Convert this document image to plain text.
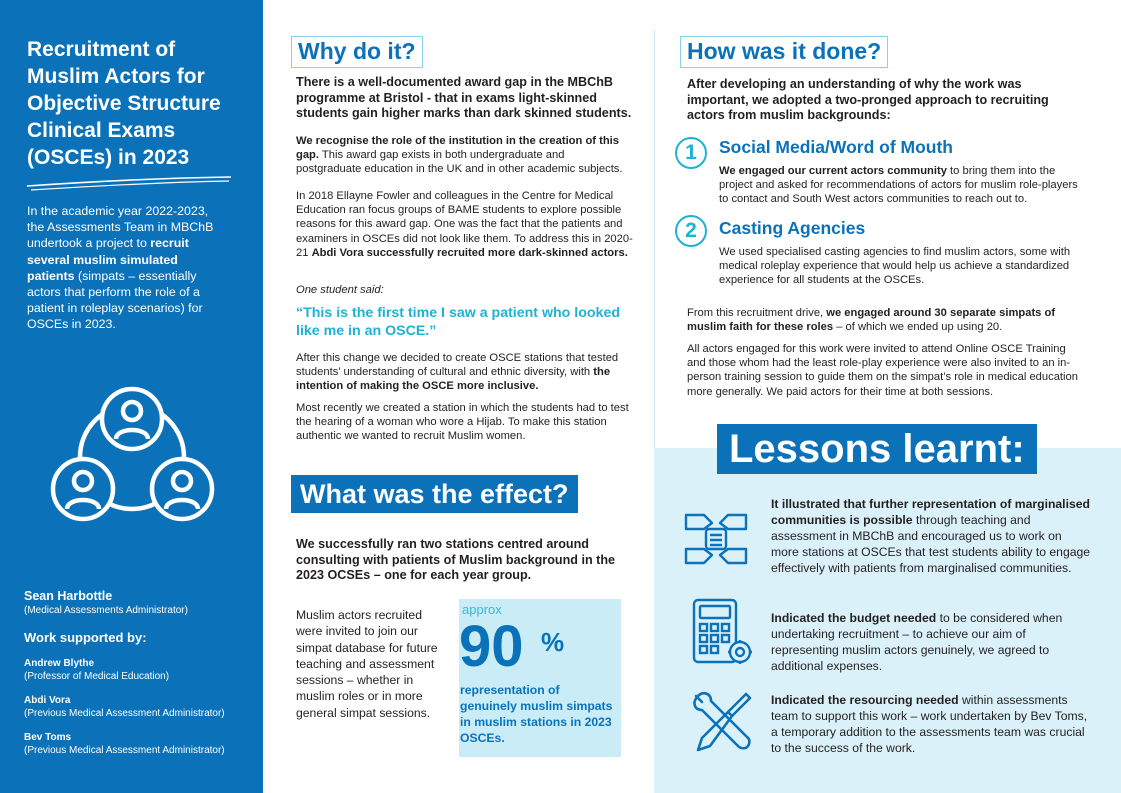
Recruitment of Muslim Actors for Objective Structure Clinical Exams (OSCEs) in 2023
In the academic year 2022-2023, the Assessments Team in MBChB undertook a project to recruit several muslim simulated patients (simpats – essentially actors that perform the role of a patient in roleplay scenarios) for OSCEs in 2023.
Sean Harbottle
(Medical Assessments Administrator)
Work supported by:
Andrew Blythe
(Professor of Medical Education)
Abdi Vora
(Previous Medical Assessment Administrator)
Bev Toms
(Previous Medical Assessment Administrator)
Why do it?
There is a well-documented award gap in the MBChB programme at Bristol - that in exams light-skinned students gain higher marks than dark skinned students.
We recognise the role of the institution in the creation of this gap. This award gap exists in both undergraduate and postgraduate education in the UK and in other academic subjects.
In 2018 Ellayne Fowler and colleagues in the Centre for Medical Education ran focus groups of BAME students to explore possible reasons for this award gap. One was the fact that the patients and examiners in OSCEs did not look like them. To address this in 2020-21 Abdi Vora successfully recruited more dark-skinned actors.
One student said:
“This is the first time I saw a patient who looked like me in an OSCE.”
After this change we decided to create OSCE stations that tested students’ understanding of cultural and ethnic diversity, with the intention of making the OSCE more inclusive.
Most recently we created a station in which the students had to test the hearing of a woman who wore a Hijab. To make this station authentic we wanted to recruit Muslim women.
What was the effect?
We successfully ran two stations centred around consulting with patients of Muslim background in the 2023 OCSEs – one for each year group.
Muslim actors recruited were invited to join our simpat database for future teaching and assessment sessions – whether in muslim roles or in more general simpat sessions.
approx
90 %
representation of genuinely muslim simpats in muslim stations in 2023 OSCEs.
How was it done?
After developing an understanding of why the work was important, we adopted a two-pronged approach to recruiting actors from muslim backgrounds:
1	Social Media/Word of Mouth
We engaged our current actors community to bring them into the project and asked for recommendations of actors for muslim role-players to contact and South West actors communities to reach out to.
2	Casting Agencies
We used specialised casting agencies to find muslim actors, some with medical roleplay experience that would help us achieve a standardized experience for all students at the OSCEs.
From this recruitment drive, we engaged around 30 separate simpats of muslim faith for these roles – of which we ended up using 20.
All actors engaged for this work were invited to attend Online OSCE Training and those whom had the least role-play experience were also invited to an in-person training session to guide them on the simpat’s role in medical education more generally. We paid actors for their time at both sessions.
Lessons learnt:
It illustrated that further representation of marginalised communities is possible through teaching and assessment in MBChB and encouraged us to work on more stations at OSCEs that test students ability to engage effectively with patients from marginalised communities.
Indicated the budget needed to be considered when undertaking recruitment – to achieve our aim of representing muslim actors genuinely, we agreed to additional expenses.
Indicated the resourcing needed within assessments team to support this work – work undertaken by Bev Toms, a temporary addition to the assessments team was crucial to the success of the work.
